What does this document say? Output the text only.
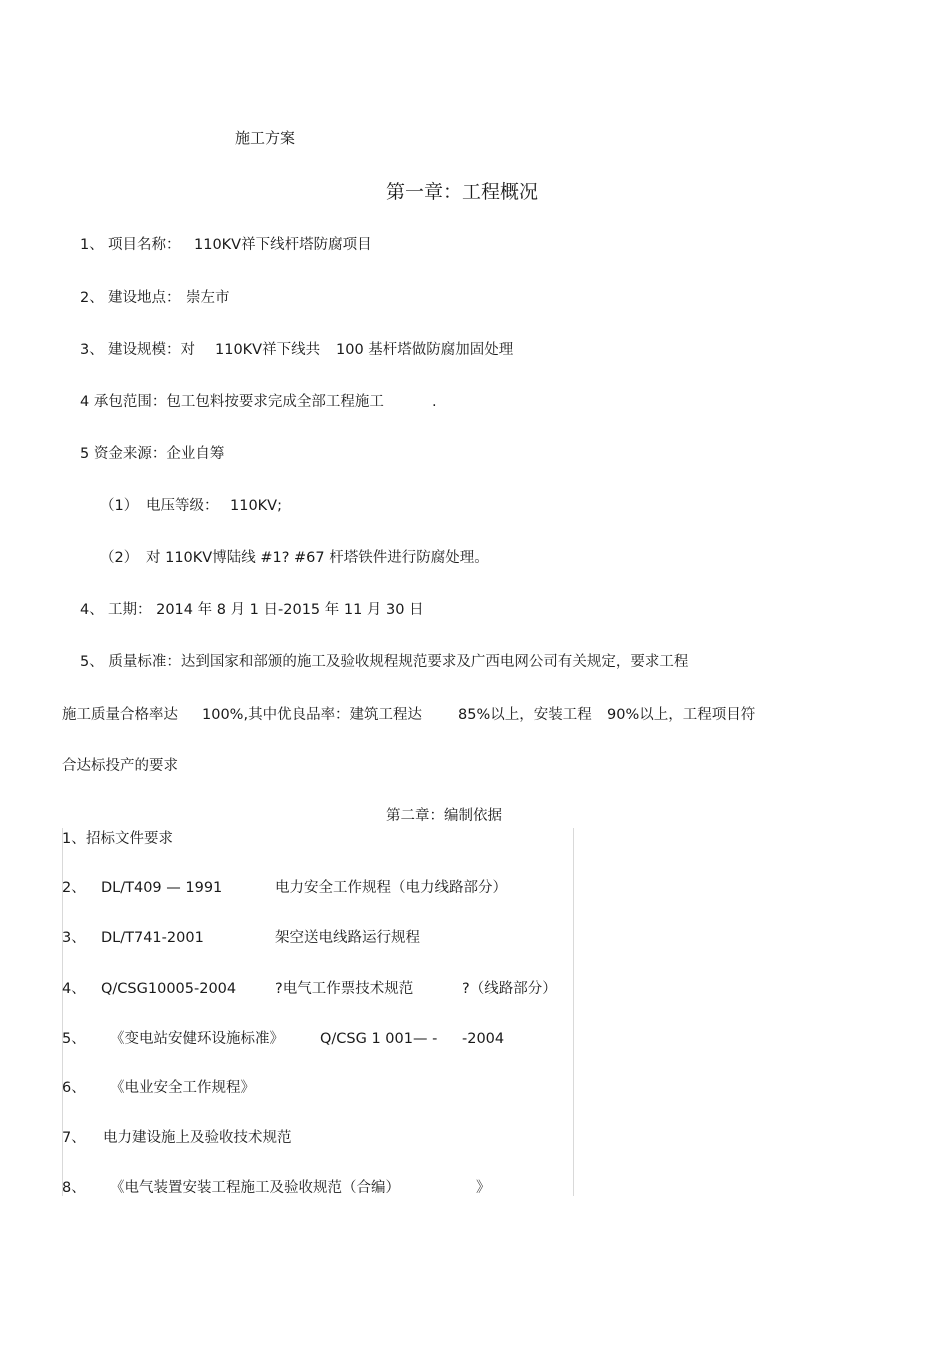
施工方案
第一章：工程概况
1、 项目名称： 110KV祥下线杆塔防腐项目
2、 建设地点： 崇左市
3、 建设规模：对 110KV祥下线共 100 基杆塔做防腐加固处理
4 承包范围：包工包料按要求完成全部工程施工	.
5 资金来源：企业自筹
（1） 电压等级： 110KV;
（2） 对 110KV博陆线 #1? #67 杆塔铁件进行防腐处理。
4、 工期： 2014 年 8 月 1 日-2015 年 11 月 30 日
5、 质量标准：达到国家和部颁的施工及验收规程规范要求及广西电网公司有关规定，要求工程
施工质量合格率达 100%,其中优良品率：建筑工程达 85%以上，安装工程 90%以上，工程项目符
合达标投产的要求
第二章：编制依据
1、 招标文件要求
2、 DL/T409 — 1991	电力安全工作规程（电力线路部分）
3、 DL/T741-2001	架空送电线路运行规程
4、 Q/CSG10005-2004	?电气工作票技术规范	?（线路部分）
5、 《变电站安健环设施标准》 Q/CSG 1 001— - -2004
6、 《电业安全工作规程》
7、 电力建设施上及验收技术规范
8、 《电气装置安装工程施工及验收规范（合编）	》
